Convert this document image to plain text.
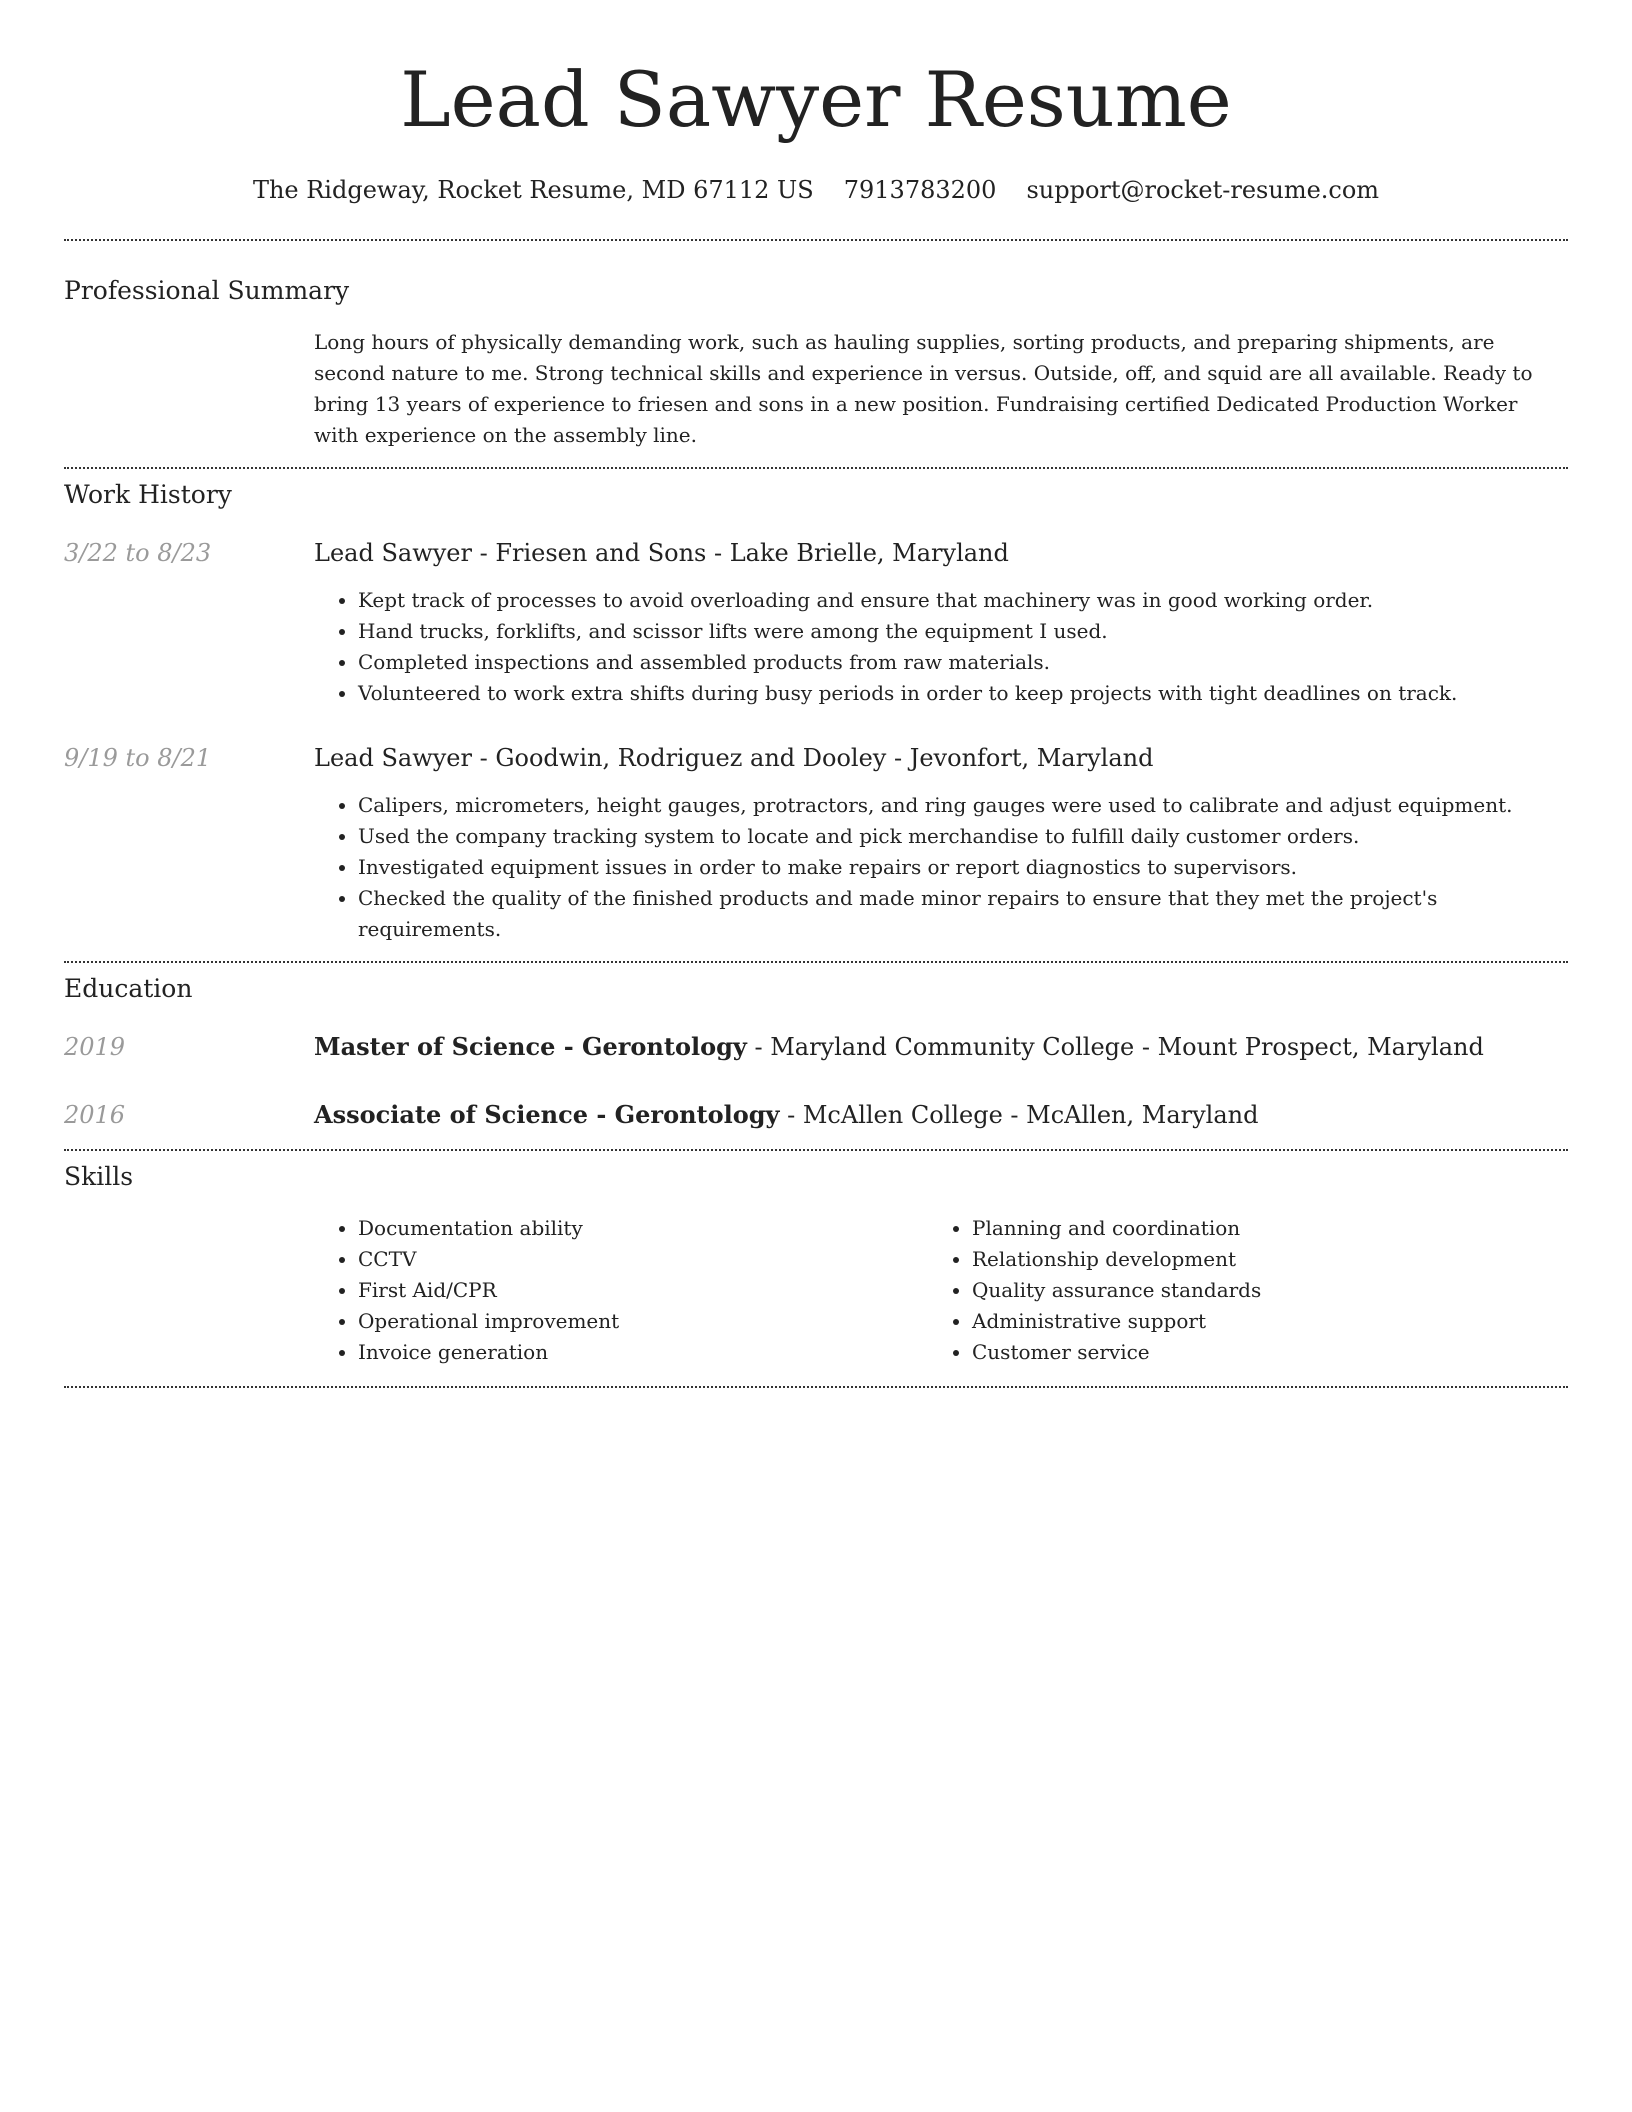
Lead Sawyer Resume
The Ridgeway, Rocket Resume, MD 67112 US 7913783200 support@rocket-resume.com
Professional Summary
Long hours of physically demanding work, such as hauling supplies, sorting products, and preparing shipments, are second nature to me. Strong technical skills and experience in versus. Outside, off, and squid are all available. Ready to bring 13 years of experience to friesen and sons in a new position. Fundraising certified Dedicated Production Worker with experience on the assembly line.
Work History
3/22 to 8/23	Lead Sawyer - Friesen and Sons - Lake Brielle, Maryland
• Kept track of processes to avoid overloading and ensure that machinery was in good working order.
• Hand trucks, forklifts, and scissor lifts were among the equipment I used.
• Completed inspections and assembled products from raw materials.
• Volunteered to work extra shifts during busy periods in order to keep projects with tight deadlines on track.
9/19 to 8/21	Lead Sawyer - Goodwin, Rodriguez and Dooley - Jevonfort, Maryland
• Calipers, micrometers, height gauges, protractors, and ring gauges were used to calibrate and adjust equipment.
• Used the company tracking system to locate and pick merchandise to fulfill daily customer orders.
• Investigated equipment issues in order to make repairs or report diagnostics to supervisors.
• Checked the quality of the finished products and made minor repairs to ensure that they met the project's requirements.
Education
2019	Master of Science - Gerontology - Maryland Community College - Mount Prospect, Maryland
2016	Associate of Science - Gerontology - McAllen College - McAllen, Maryland
Skills
• Documentation ability
• CCTV
• First Aid/CPR
• Operational improvement
• Invoice generation
• Planning and coordination
• Relationship development
• Quality assurance standards
• Administrative support
• Customer service
